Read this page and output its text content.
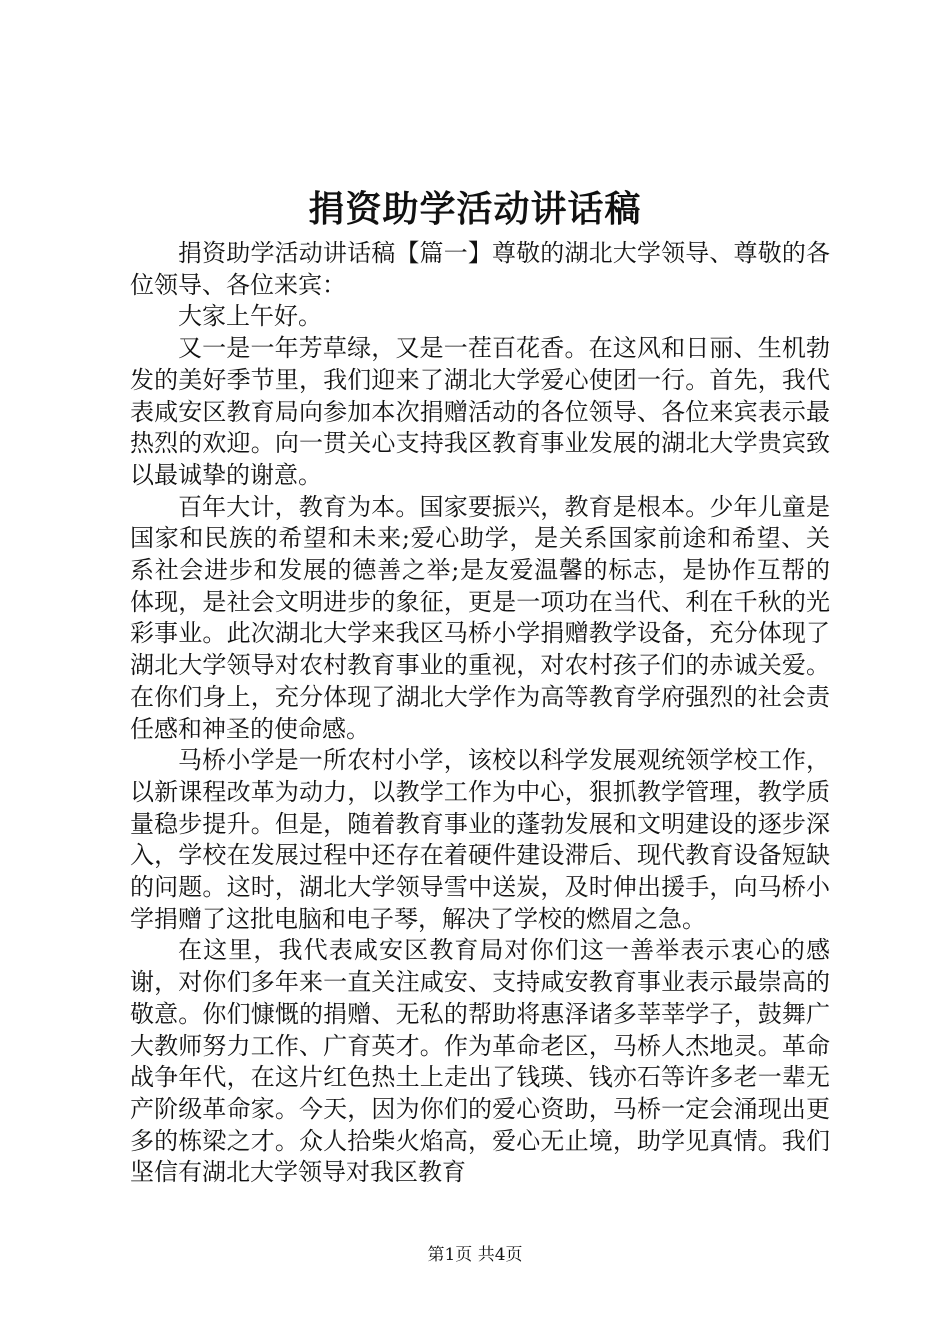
捐资助学活动讲话稿

捐资助学活动讲话稿【篇一】尊敬的湖北大学领导、尊敬的各位领导、各位来宾：

大家上午好。

又一是一年芳草绿，又是一茬百花香。在这风和日丽、生机勃发的美好季节里，我们迎来了湖北大学爱心使团一行。首先，我代表咸安区教育局向参加本次捐赠活动的各位领导、各位来宾表示最热烈的欢迎。向一贯关心支持我区教育事业发展的湖北大学贵宾致以最诚挚的谢意。

百年大计，教育为本。国家要振兴，教育是根本。少年儿童是国家和民族的希望和未来;爱心助学，是关系国家前途和希望、关系社会进步和发展的德善之举;是友爱温馨的标志，是协作互帮的体现，是社会文明进步的象征，更是一项功在当代、利在千秋的光彩事业。此次湖北大学来我区马桥小学捐赠教学设备，充分体现了湖北大学领导对农村教育事业的重视，对农村孩子们的赤诚关爱。在你们身上，充分体现了湖北大学作为高等教育学府强烈的社会责任感和神圣的使命感。

马桥小学是一所农村小学，该校以科学发展观统领学校工作，以新课程改革为动力，以教学工作为中心，狠抓教学管理，教学质量稳步提升。但是，随着教育事业的蓬勃发展和文明建设的逐步深入，学校在发展过程中还存在着硬件建设滞后、现代教育设备短缺的问题。这时，湖北大学领导雪中送炭，及时伸出援手，向马桥小学捐赠了这批电脑和电子琴，解决了学校的燃眉之急。

在这里，我代表咸安区教育局对你们这一善举表示衷心的感谢，对你们多年来一直关注咸安、支持咸安教育事业表示最崇高的敬意。你们慷慨的捐赠、无私的帮助将惠泽诸多莘莘学子，鼓舞广大教师努力工作、广育英才。作为革命老区，马桥人杰地灵。革命战争年代，在这片红色热土上走出了钱瑛、钱亦石等许多老一辈无产阶级革命家。今天，因为你们的爱心资助，马桥一定会涌现出更多的栋梁之才。众人拾柴火焰高，爱心无止境，助学见真情。我们坚信有湖北大学领导对我区教育

第1页 共4页
